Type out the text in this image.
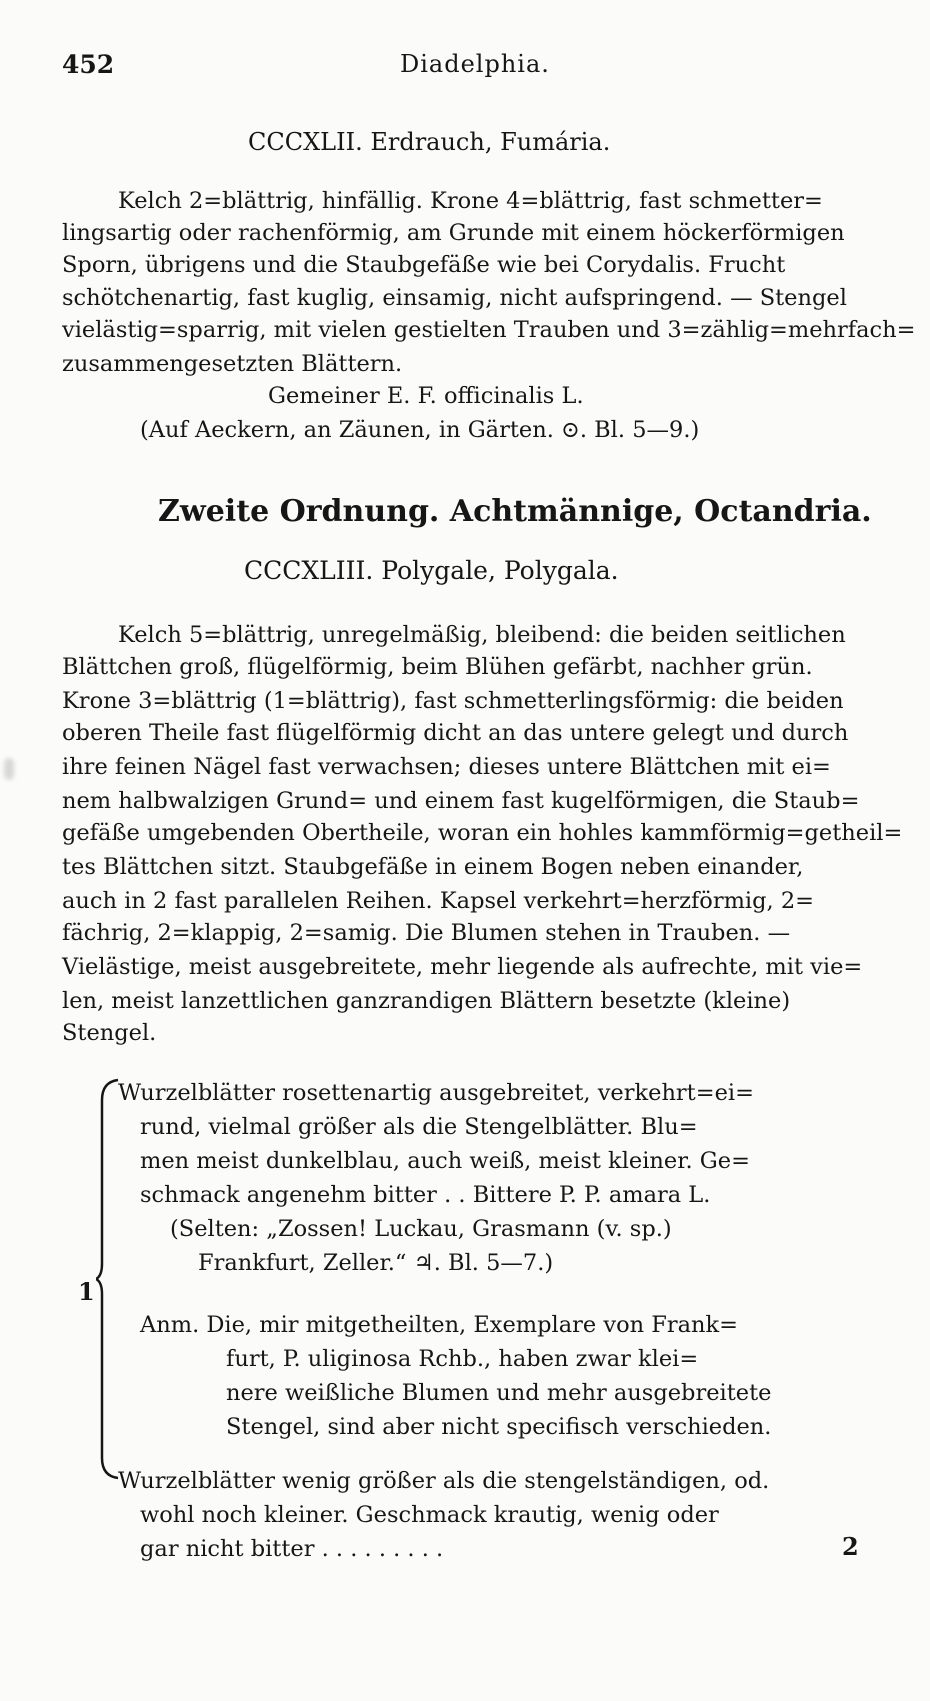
452	Diadelphia.
CCCXLII. Erdrauch, Fumária.
Kelch 2=blättrig, hinfällig. Krone 4=blättrig, fast schmetter=
lingsartig oder rachenförmig, am Grunde mit einem höckerförmigen
Sporn, übrigens und die Staubgefäße wie bei Corydalis. Frucht
schötchenartig, fast kuglig, einsamig, nicht aufspringend. — Stengel
vielästig=sparrig, mit vielen gestielten Trauben und 3=zählig=mehrfach=
zusammengesetzten Blättern.
Gemeiner E. F. officinalis L.
(Auf Aeckern, an Zäunen, in Gärten. ⊙. Bl. 5—9.)
Zweite Ordnung. Achtmännige, Octandria.
CCCXLIII. Polygale, Polygala.
Kelch 5=blättrig, unregelmäßig, bleibend: die beiden seitlichen
Blättchen groß, flügelförmig, beim Blühen gefärbt, nachher grün.
Krone 3=blättrig (1=blättrig), fast schmetterlingsförmig: die beiden
oberen Theile fast flügelförmig dicht an das untere gelegt und durch
ihre feinen Nägel fast verwachsen; dieses untere Blättchen mit ei=
nem halbwalzigen Grund= und einem fast kugelförmigen, die Staub=
gefäße umgebenden Obertheile, woran ein hohles kammförmig=getheil=
tes Blättchen sitzt. Staubgefäße in einem Bogen neben einander,
auch in 2 fast parallelen Reihen. Kapsel verkehrt=herzförmig, 2=
fächrig, 2=klappig, 2=samig. Die Blumen stehen in Trauben. —
Vielästige, meist ausgebreitete, mehr liegende als aufrechte, mit vie=
len, meist lanzettlichen ganzrandigen Blättern besetzte (kleine)
Stengel.
1
Wurzelblätter rosettenartig ausgebreitet, verkehrt=ei=
rund, vielmal größer als die Stengelblätter. Blu=
men meist dunkelblau, auch weiß, meist kleiner. Ge=
schmack angenehm bitter . . Bittere P. P. amara L.
(Selten: „Zossen! Luckau, Grasmann (v. sp.)
Frankfurt, Zeller.“ ♃. Bl. 5—7.)
Anm. Die, mir mitgetheilten, Exemplare von Frank=
furt, P. uliginosa Rchb., haben zwar klei=
nere weißliche Blumen und mehr ausgebreitete
Stengel, sind aber nicht specifisch verschieden.
Wurzelblätter wenig größer als die stengelständigen, od.
wohl noch kleiner. Geschmack krautig, wenig oder
gar nicht bitter . . . . . . . . .	2
